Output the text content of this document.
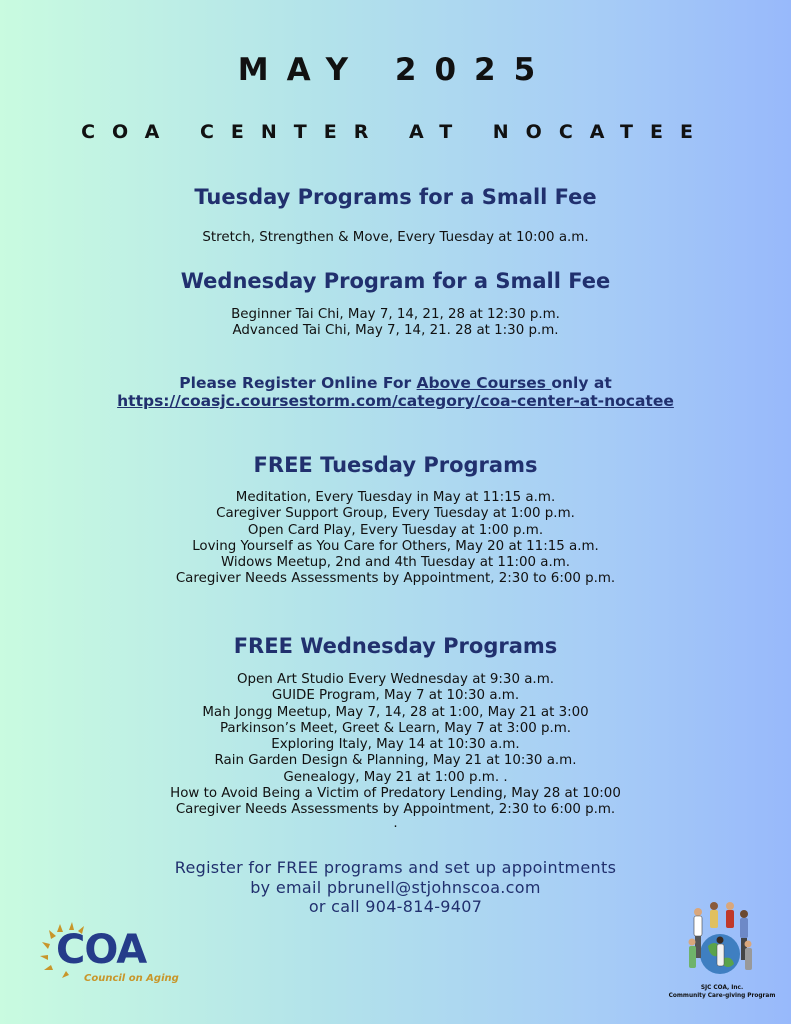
MAY 2025
COA CENTER AT NOCATEE
Tuesday Programs for a Small Fee
Stretch, Strengthen & Move, Every Tuesday at 10:00 a.m.
Wednesday Program for a Small Fee
Beginner Tai Chi, May 7, 14, 21, 28 at 12:30 p.m.
Advanced Tai Chi, May 7, 14, 21. 28 at 1:30 p.m.
Please Register Online For Above Courses only at
https://coasjc.coursestorm.com/category/coa-center-at-nocatee
FREE Tuesday Programs
Meditation, Every Tuesday in May at 11:15 a.m.
Caregiver Support Group, Every Tuesday at 1:00 p.m.
Open Card Play, Every Tuesday at 1:00 p.m.
Loving Yourself as You Care for Others, May 20 at 11:15 a.m.
Widows Meetup, 2nd and 4th Tuesday at 11:00 a.m.
Caregiver Needs Assessments by Appointment, 2:30 to 6:00 p.m.
FREE Wednesday Programs
Open Art Studio Every Wednesday at 9:30 a.m.
GUIDE Program, May 7 at 10:30 a.m.
Mah Jongg Meetup, May 7, 14, 28 at 1:00, May 21 at 3:00
Parkinson’s Meet, Greet & Learn, May 7 at 3:00 p.m.
Exploring Italy, May 14 at 10:30 a.m.
Rain Garden Design & Planning, May 21 at 10:30 a.m.
Genealogy, May 21 at 1:00 p.m. .
How to Avoid Being a Victim of Predatory Lending, May 28 at 10:00
Caregiver Needs Assessments by Appointment, 2:30 to 6:00 p.m.
.
Register for FREE programs and set up appointments
by email pbrunell@stjohnscoa.com
or call 904-814-9407
COA
Council on Aging
SJC COA, Inc.
Community Care-giving Program
